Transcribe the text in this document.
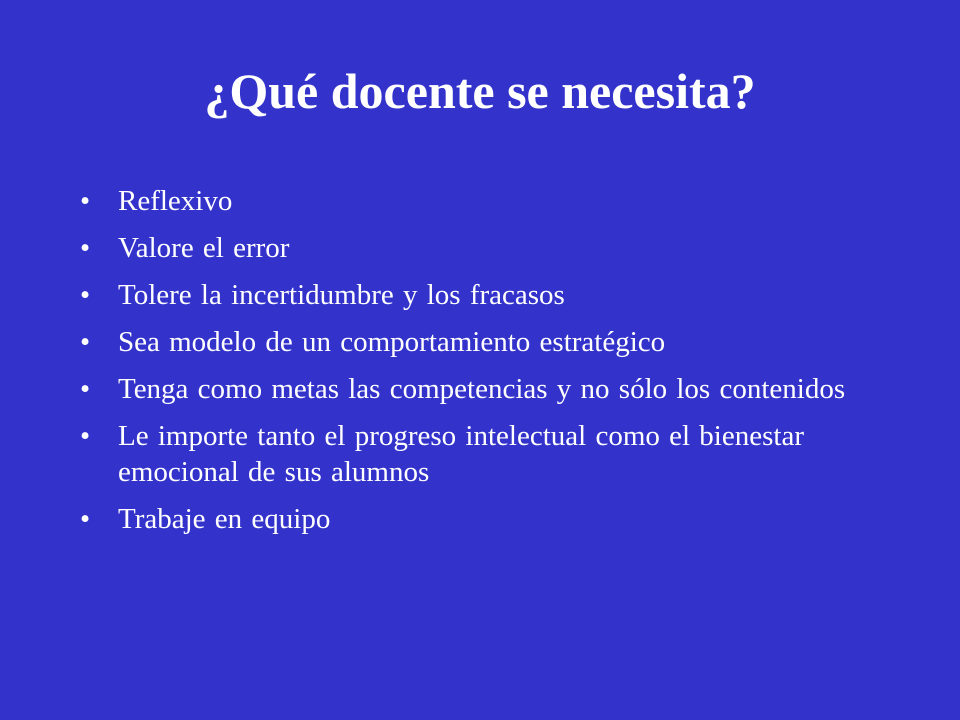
¿Qué docente se necesita?
• Reflexivo
• Valore el error
• Tolere la incertidumbre y los fracasos
• Sea modelo de un comportamiento estratégico
• Tenga como metas las competencias y no sólo los contenidos
• Le importe tanto el progreso intelectual como el bienestar emocional de sus alumnos
• Trabaje en equipo
